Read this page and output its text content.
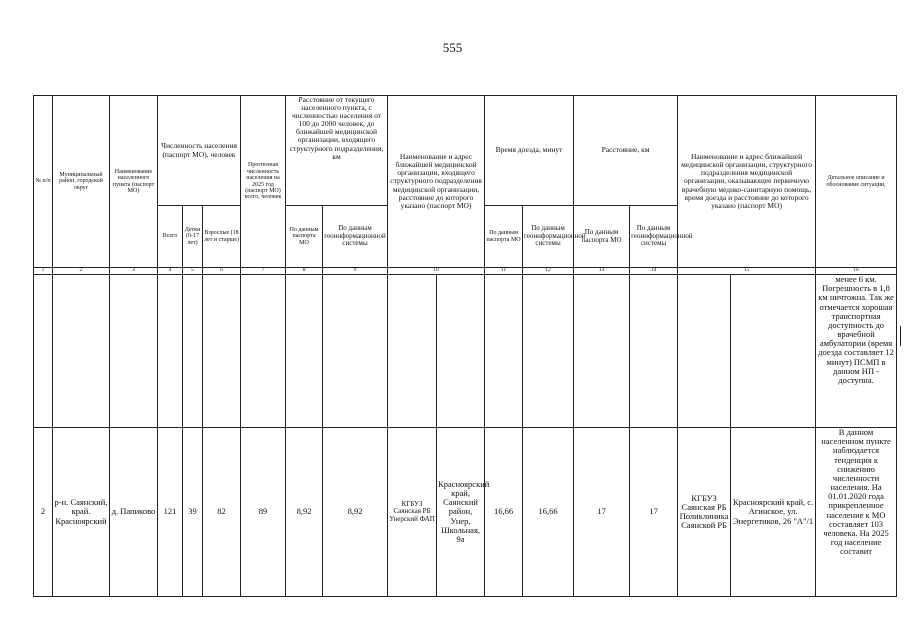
555
№ п/п	Муниципальный район, городской округ	Наименование населенного пункта (паспорт МО)	Численность населения (паспорт МО), человек			Прогнозная численность населения на 2025 год (паспорт МО) всего, человек	Расстояние от текущего населенного пункта, с численностью населения от 100 до 2000 человек, до ближайшей медицинской организации, входящего структурного подразделения, км		Наименование и адрес ближайшей медицинской организации, входящего структурного подразделения медицинской организации, расстояние до которого указано (паспорт МО)		Время доезда, минут		Расстояние, км		Наименование и адрес ближайшей медицинской организации, структурного подразделения медицинской организации, оказывающее первичную врачебную медико-санитарную помощь, время доезда и расстояние до которого указано (паспорт МО)		Детальное описание и обоснование ситуации,
			Всего	Детки (0-17 лет)	Взрослые (18 лет и старше)		По данным паспорта МО	По данным геоинформационной системы			По данным паспорта МО	По данным геоинформационной системы	По данным паспорта МО	По данным геоинформационной системы			
1	2	3	4	5	6	7	8	9	10		11	12	13	14	15		16
																	менее 6 км. Погрешность в 1,8 км ничтожна. Так же отмечается хорошая транспортная доступность до врачебной амбулатории (время доезда составляет 12 минут) ПСМП в данном НП - доступна.
2	р-н. Саянский, край. Красноярский	д. Папиково	121	39	82	89	8,92	8,92	КГБУЗ Саянская РБ Унерский ФАП	Красноярский край, Саянский район, Унер, Школьная, 9а	16,66	16,66	17	17	КГБУЗ Саянская РБ Поликлиника Саянской РБ	Красноярский край, с. Агинское, ул. Энергетиков, 26 "А"/1	В данном населенном пункте наблюдается тенденция к снижению численности населения. На 01.01.2020 года прикрепленное население к МО составляет 103 человека. На 2025 год население составит
